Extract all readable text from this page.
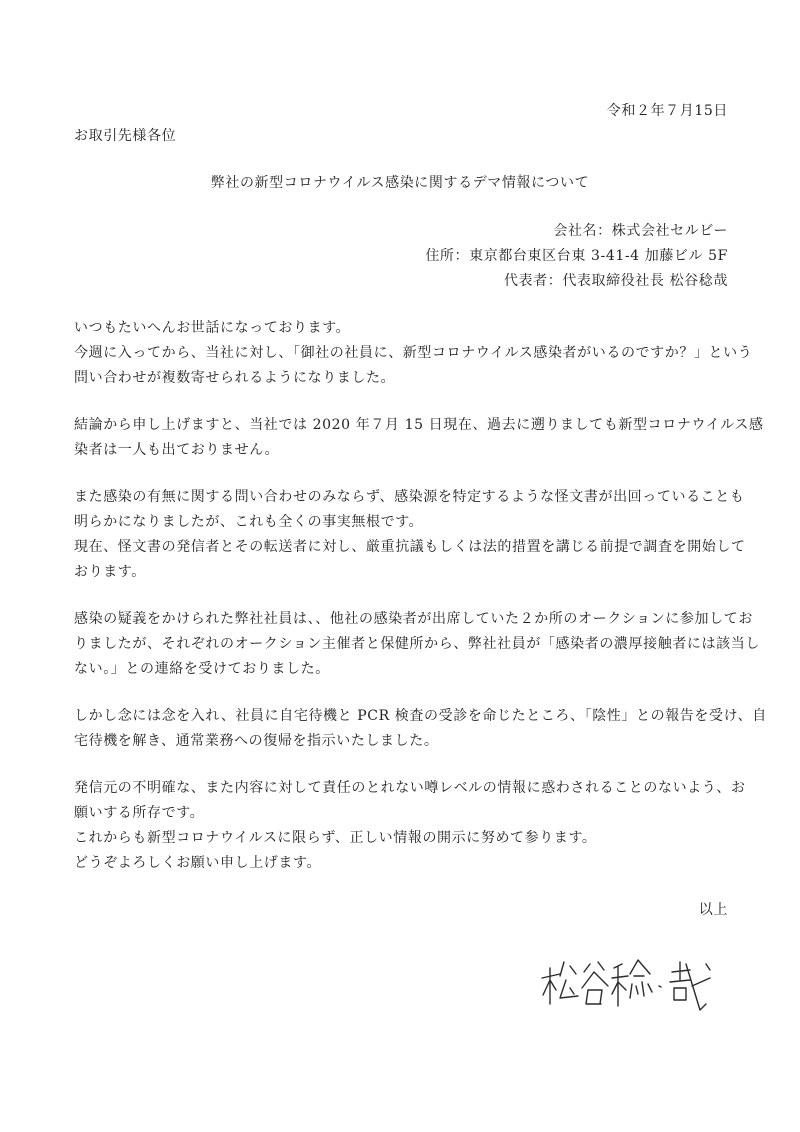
令和２年７月15日
お取引先様各位
弊社の新型コロナウイルス感染に関するデマ情報について
会社名：株式会社セルビー
住所：東京都台東区台東 3-41-4 加藤ビル 5F
代表者：代表取締役社長 松谷稔哉
いつもたいへんお世話になっております。
今週に入ってから、当社に対し、「御社の社員に、新型コロナウイルス感染者がいるのですか？」という
問い合わせが複数寄せられるようになりました。
結論から申し上げますと、当社では 2020 年７月 15 日現在、過去に遡りましても新型コロナウイルス感
染者は一人も出ておりません。
また感染の有無に関する問い合わせのみならず、感染源を特定するような怪文書が出回っていることも
明らかになりましたが、これも全くの事実無根です。
現在、怪文書の発信者とその転送者に対し、厳重抗議もしくは法的措置を講じる前提で調査を開始して
おります。
感染の疑義をかけられた弊社社員は、、他社の感染者が出席していた２か所のオークションに参加してお
りましたが、それぞれのオークション主催者と保健所から、弊社社員が「感染者の濃厚接触者には該当し
ない。」との連絡を受けておりました。
しかし念には念を入れ、社員に自宅待機と PCR 検査の受診を命じたところ、「陰性」との報告を受け、自
宅待機を解き、通常業務への復帰を指示いたしました。
発信元の不明確な、また内容に対して責任のとれない噂レベルの情報に惑わされることのないよう、お
願いする所存です。
これからも新型コロナウイルスに限らず、正しい情報の開示に努めて参ります。
どうぞよろしくお願い申し上げます。
以上
